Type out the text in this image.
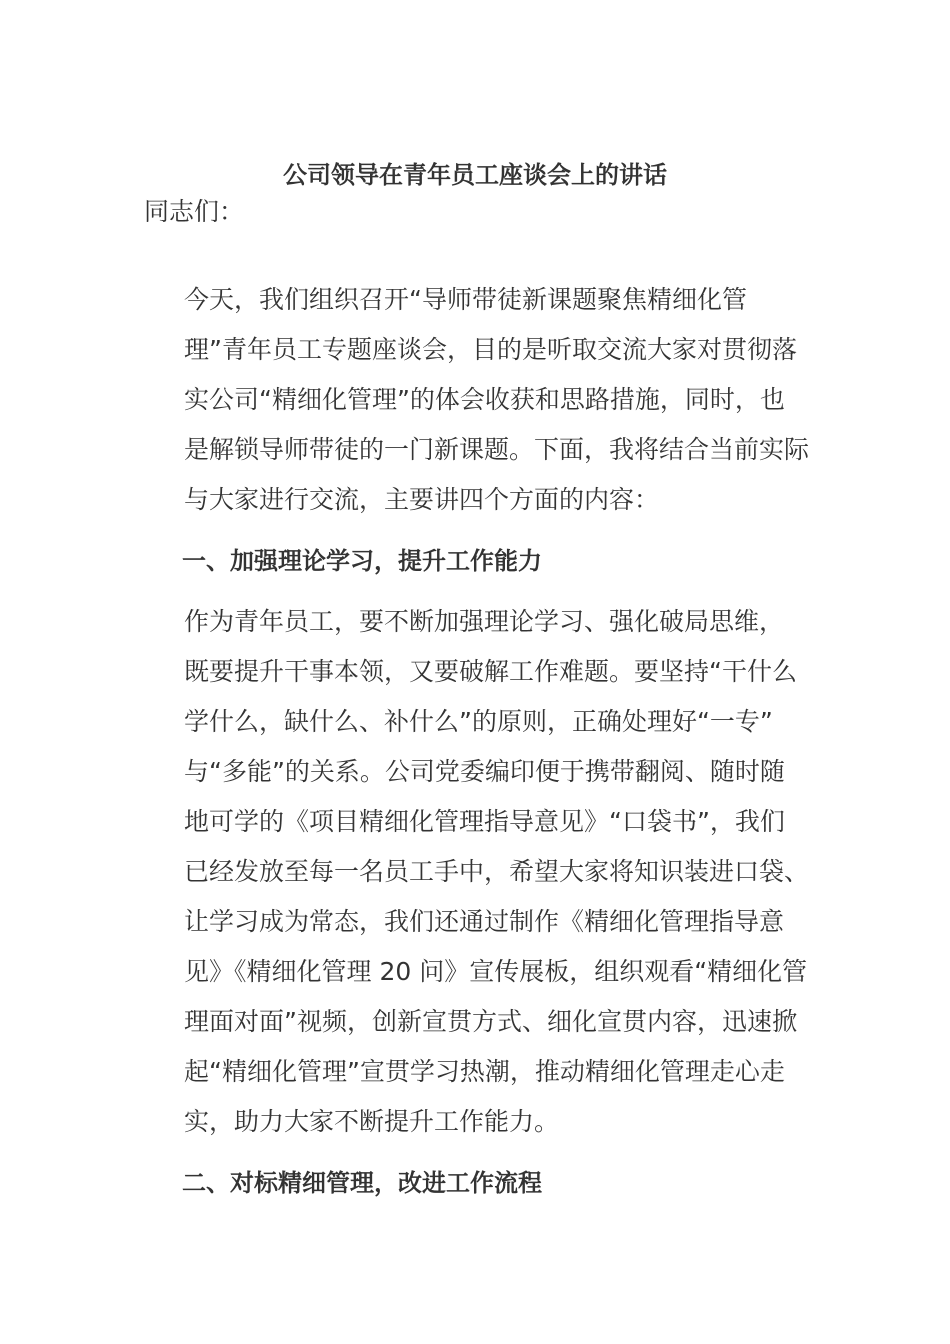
公司领导在青年员工座谈会上的讲话

同志们：

今天，我们组织召开“导师带徒新课题聚焦精细化管
理”青年员工专题座谈会，目的是听取交流大家对贯彻落
实公司“精细化管理”的体会收获和思路措施，同时，也
是解锁导师带徒的一门新课题。下面，我将结合当前实际
与大家进行交流，主要讲四个方面的内容：

一、加强理论学习，提升工作能力

作为青年员工，要不断加强理论学习、强化破局思维，
既要提升干事本领，又要破解工作难题。要坚持“干什么
学什么，缺什么、补什么”的原则，正确处理好“一专”
与“多能”的关系。公司党委编印便于携带翻阅、随时随
地可学的《项目精细化管理指导意见》“口袋书”，我们
已经发放至每一名员工手中，希望大家将知识装进口袋、
让学习成为常态，我们还通过制作《精细化管理指导意
见》《精细化管理 20 问》宣传展板，组织观看“精细化管
理面对面”视频，创新宣贯方式、细化宣贯内容，迅速掀
起“精细化管理”宣贯学习热潮，推动精细化管理走心走
实，助力大家不断提升工作能力。

二、对标精细管理，改进工作流程
